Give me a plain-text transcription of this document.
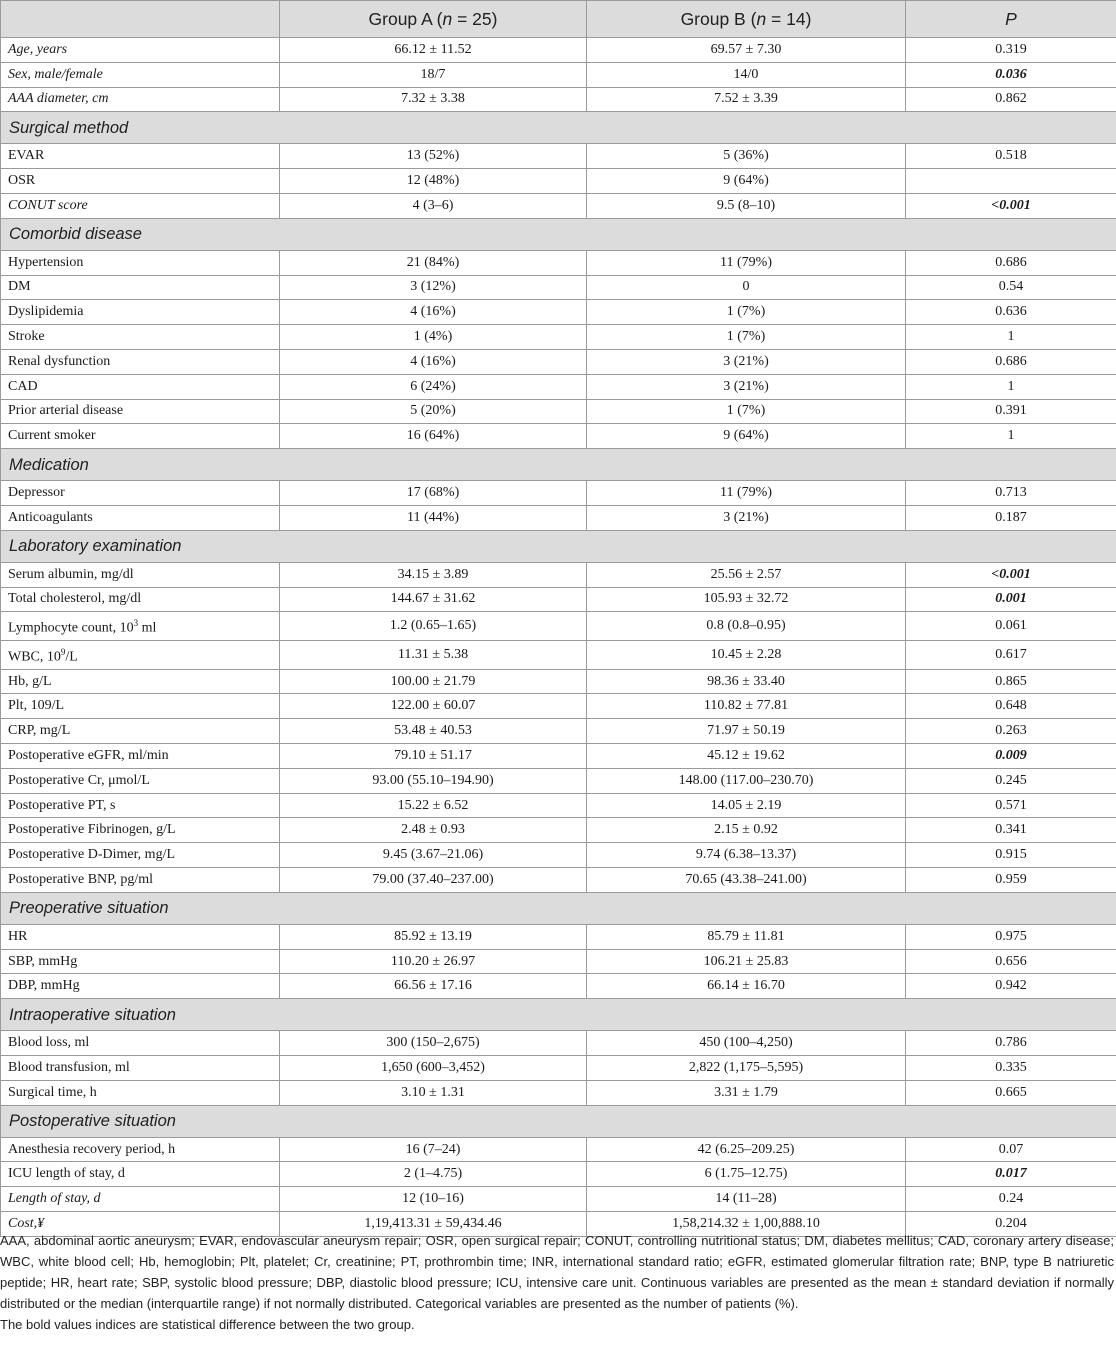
	Group A (n = 25)	Group B (n = 14)	P
Age, years	66.12 ± 11.52	69.57 ± 7.30	0.319
Sex, male/female	18/7	14/0	0.036
AAA diameter, cm	7.32 ± 3.38	7.52 ± 3.39	0.862
Surgical method			
EVAR	13 (52%)	5 (36%)	0.518
OSR	12 (48%)	9 (64%)	
CONUT score	4 (3–6)	9.5 (8–10)	<0.001
Comorbid disease			
Hypertension	21 (84%)	11 (79%)	0.686
DM	3 (12%)	0	0.54
Dyslipidemia	4 (16%)	1 (7%)	0.636
Stroke	1 (4%)	1 (7%)	1
Renal dysfunction	4 (16%)	3 (21%)	0.686
CAD	6 (24%)	3 (21%)	1
Prior arterial disease	5 (20%)	1 (7%)	0.391
Current smoker	16 (64%)	9 (64%)	1
Medication			
Depressor	17 (68%)	11 (79%)	0.713
Anticoagulants	11 (44%)	3 (21%)	0.187
Laboratory examination			
Serum albumin, mg/dl	34.15 ± 3.89	25.56 ± 2.57	<0.001
Total cholesterol, mg/dl	144.67 ± 31.62	105.93 ± 32.72	0.001
Lymphocyte count, $10^3$ ml	1.2 (0.65–1.65)	0.8 (0.8–0.95)	0.061
WBC, $10^9/L$	11.31 ± 5.38	10.45 ± 2.28	0.617
Hb, g/L	100.00 ± 21.79	98.36 ± 33.40	0.865
Plt, 109/L	122.00 ± 60.07	110.82 ± 77.81	0.648
CRP, mg/L	53.48 ± 40.53	71.97 ± 50.19	0.263
Postoperative eGFR, ml/min	79.10 ± 51.17	45.12 ± 19.62	0.009
Postoperative Cr, μmol/L	93.00 (55.10–194.90)	148.00 (117.00–230.70)	0.245
Postoperative PT, s	15.22 ± 6.52	14.05 ± 2.19	0.571
Postoperative Fibrinogen, g/L	2.48 ± 0.93	2.15 ± 0.92	0.341
Postoperative D-Dimer, mg/L	9.45 (3.67–21.06)	9.74 (6.38–13.37)	0.915
Postoperative BNP, pg/ml	79.00 (37.40–237.00)	70.65 (43.38–241.00)	0.959
Preoperative situation			
HR	85.92 ± 13.19	85.79 ± 11.81	0.975
SBP, mmHg	110.20 ± 26.97	106.21 ± 25.83	0.656
DBP, mmHg	66.56 ± 17.16	66.14 ± 16.70	0.942
Intraoperative situation			
Blood loss, ml	300 (150–2,675)	450 (100–4,250)	0.786
Blood transfusion, ml	1,650 (600–3,452)	2,822 (1,175–5,595)	0.335
Surgical time, h	3.10 ± 1.31	3.31 ± 1.79	0.665
Postoperative situation			
Anesthesia recovery period, h	16 (7–24)	42 (6.25–209.25)	0.07
ICU length of stay, d	2 (1–4.75)	6 (1.75–12.75)	0.017
Length of stay, d	12 (10–16)	14 (11–28)	0.24
Cost,¥	1,19,413.31 ± 59,434.46	1,58,214.32 ± 1,00,888.10	0.204

AAA, abdominal aortic aneurysm; EVAR, endovascular aneurysm repair; OSR, open surgical repair; CONUT, controlling nutritional status; DM, diabetes mellitus; CAD, coronary artery disease; WBC, white blood cell; Hb, hemoglobin; Plt, platelet; Cr, creatinine; PT, prothrombin time; INR, international standard ratio; eGFR, estimated glomerular filtration rate; BNP, type B natriuretic peptide; HR, heart rate; SBP, systolic blood pressure; DBP, diastolic blood pressure; ICU, intensive care unit. Continuous variables are presented as the mean ± standard deviation if normally distributed or the median (interquartile range) if not normally distributed. Categorical variables are presented as the number of patients (%).

The bold values indices are statistical difference between the two group.
